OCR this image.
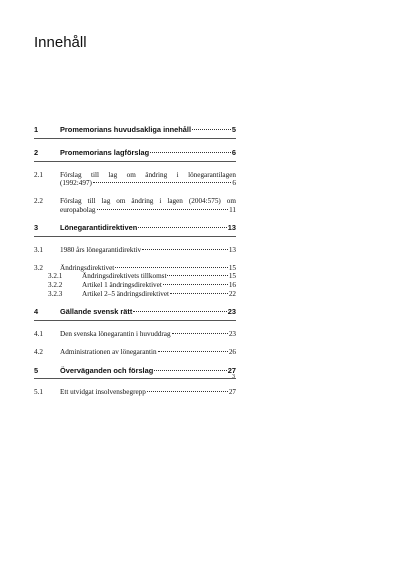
Innehåll
1	Promemorians huvudsakliga innehåll	5
2	Promemorians lagförslag	6
2.1	Förslag till lag om ändring i lönegarantilagen
(1992:497)	6
2.2	Förslag till lag om ändring i lagen (2004:575) om
europabolag	11
3	Lönegarantidirektiven	13
3.1	1980 års lönegarantidirektiv	13
3.2	Ändringsdirektivet	15
3.2.1	Ändringsdirektivets tillkomst	15
3.2.2	Artikel 1 ändringsdirektivet	16
3.2.3	Artikel 2–5 ändringsdirektivet	22
4	Gällande svensk rätt	23
4.1	Den svenska lönegarantin i huvuddrag	23
4.2	Administrationen av lönegarantin	26
5	Överväganden och förslag	27
5.1	Ett utvidgat insolvensbegrepp	27
3
